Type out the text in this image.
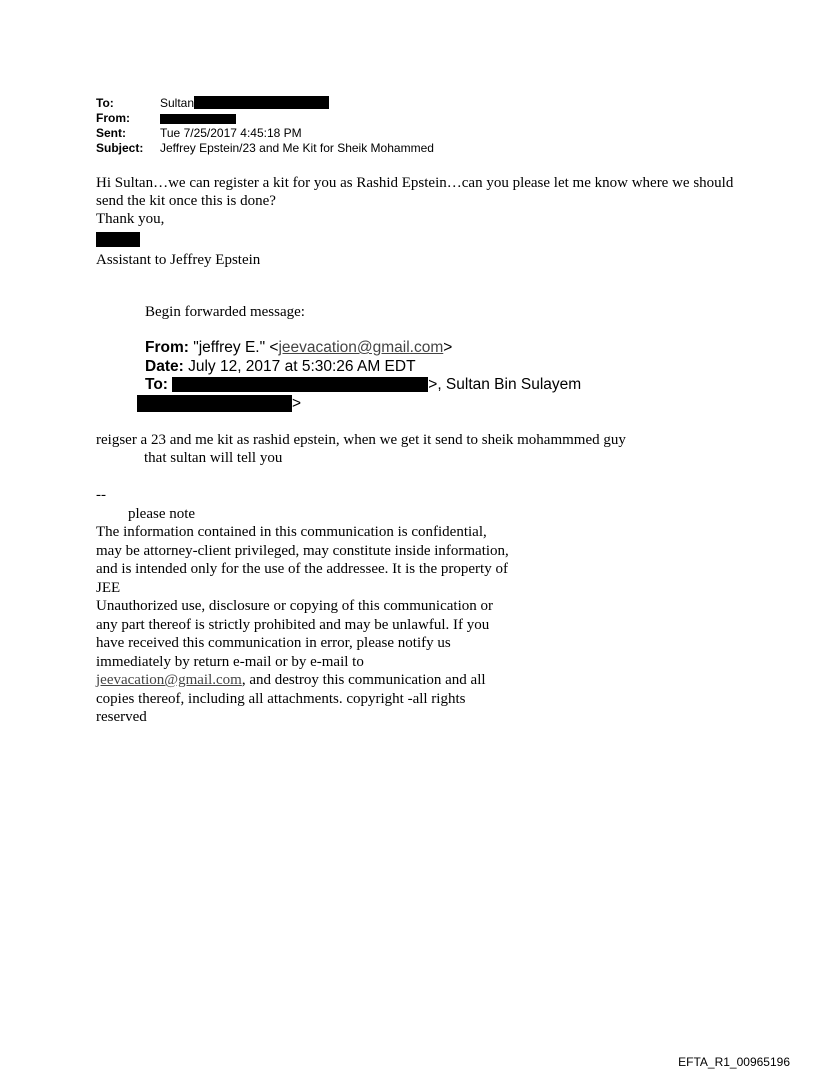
To:	Sultan
From:
Sent:	Tue 7/25/2017 4:45:18 PM
Subject:	Jeffrey Epstein/23 and Me Kit for Sheik Mohammed

Hi Sultan…we can register a kit for you as Rashid Epstein…can you please let me know where we should send the kit once this is done?

Thank you,

Assistant to Jeffrey Epstein

Begin forwarded message:
From: "jeffrey E." <jeevacation@gmail.com>
Date: July 12, 2017 at 5:30:26 AM EDT
To:	>, Sultan Bin Sulayem
>
reigser a 23 and me kit as rashid epstein, when we get it send to sheik mohammmed guy
that sultan will tell you
--
please note
The information contained in this communication is confidential, may be attorney-client privileged, may constitute inside information, and is intended only for the use of the addressee. It is the property of
JEE
Unauthorized use, disclosure or copying of this communication or any part thereof is strictly prohibited and may be unlawful. If you have received this communication in error, please notify us immediately by return e-mail or by e-mail to jeevacation@gmail.com, and destroy this communication and all copies thereof, including all attachments. copyright -all rights reserved
EFTA_R1_00965196
